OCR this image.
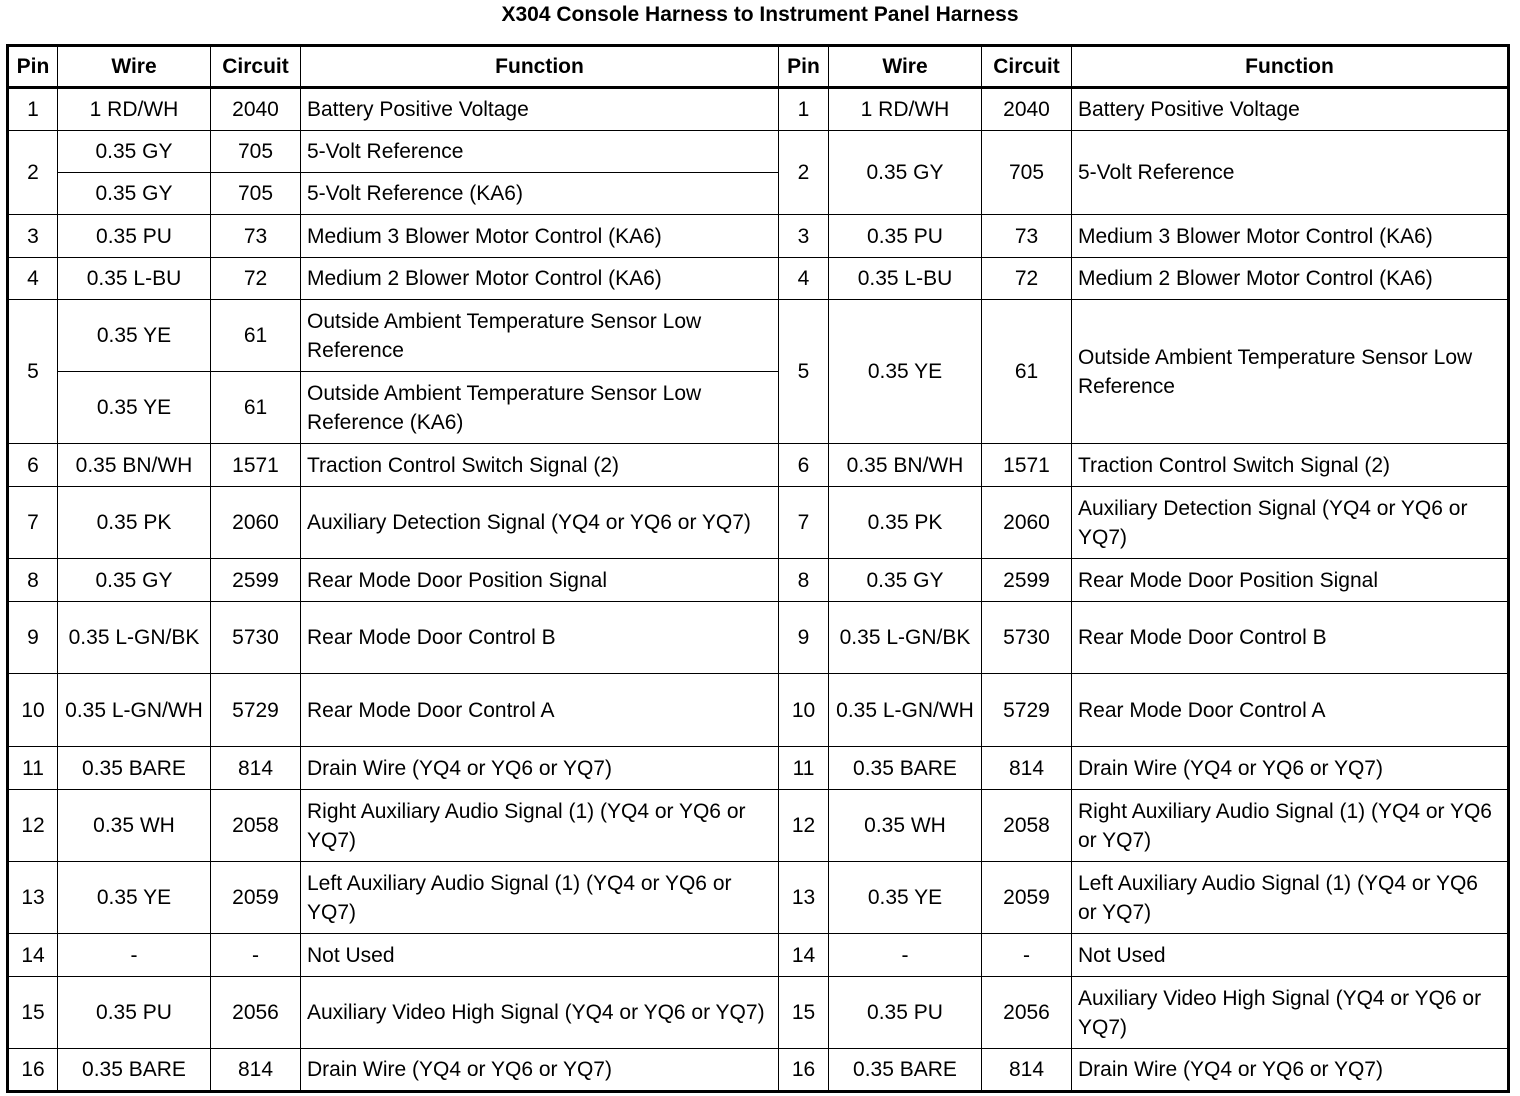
X304 Console Harness to Instrument Panel Harness
Pin	Wire	Circuit	Function	Pin	Wire	Circuit	Function
1	1 RD/WH	2040	Battery Positive Voltage	1	1 RD/WH	2040	Battery Positive Voltage
2	0.35 GY	705	5-Volt Reference	2	0.35 GY	705	5-Volt Reference
	0.35 GY	705	5-Volt Reference (KA6)				
3	0.35 PU	73	Medium 3 Blower Motor Control (KA6)	3	0.35 PU	73	Medium 3 Blower Motor Control (KA6)
4	0.35 L-BU	72	Medium 2 Blower Motor Control (KA6)	4	0.35 L-BU	72	Medium 2 Blower Motor Control (KA6)
5	0.35 YE	61	Outside Ambient Temperature Sensor Low Reference	5	0.35 YE	61	Outside Ambient Temperature Sensor Low Reference
	0.35 YE	61	Outside Ambient Temperature Sensor Low Reference (KA6)				
6	0.35 BN/WH	1571	Traction Control Switch Signal (2)	6	0.35 BN/WH	1571	Traction Control Switch Signal (2)
7	0.35 PK	2060	Auxiliary Detection Signal (YQ4 or YQ6 or YQ7)	7	0.35 PK	2060	Auxiliary Detection Signal (YQ4 or YQ6 or YQ7)
8	0.35 GY	2599	Rear Mode Door Position Signal	8	0.35 GY	2599	Rear Mode Door Position Signal
9	0.35 L-GN/BK	5730	Rear Mode Door Control B	9	0.35 L-GN/BK	5730	Rear Mode Door Control B
10	0.35 L-GN/WH	5729	Rear Mode Door Control A	10	0.35 L-GN/WH	5729	Rear Mode Door Control A
11	0.35 BARE	814	Drain Wire (YQ4 or YQ6 or YQ7)	11	0.35 BARE	814	Drain Wire (YQ4 or YQ6 or YQ7)
12	0.35 WH	2058	Right Auxiliary Audio Signal (1) (YQ4 or YQ6 or YQ7)	12	0.35 WH	2058	Right Auxiliary Audio Signal (1) (YQ4 or YQ6 or YQ7)
13	0.35 YE	2059	Left Auxiliary Audio Signal (1) (YQ4 or YQ6 or YQ7)	13	0.35 YE	2059	Left Auxiliary Audio Signal (1) (YQ4 or YQ6 or YQ7)
14	-	-	Not Used	14	-	-	Not Used
15	0.35 PU	2056	Auxiliary Video High Signal (YQ4 or YQ6 or YQ7)	15	0.35 PU	2056	Auxiliary Video High Signal (YQ4 or YQ6 or YQ7)
16	0.35 BARE	814	Drain Wire (YQ4 or YQ6 or YQ7)	16	0.35 BARE	814	Drain Wire (YQ4 or YQ6 or YQ7)
